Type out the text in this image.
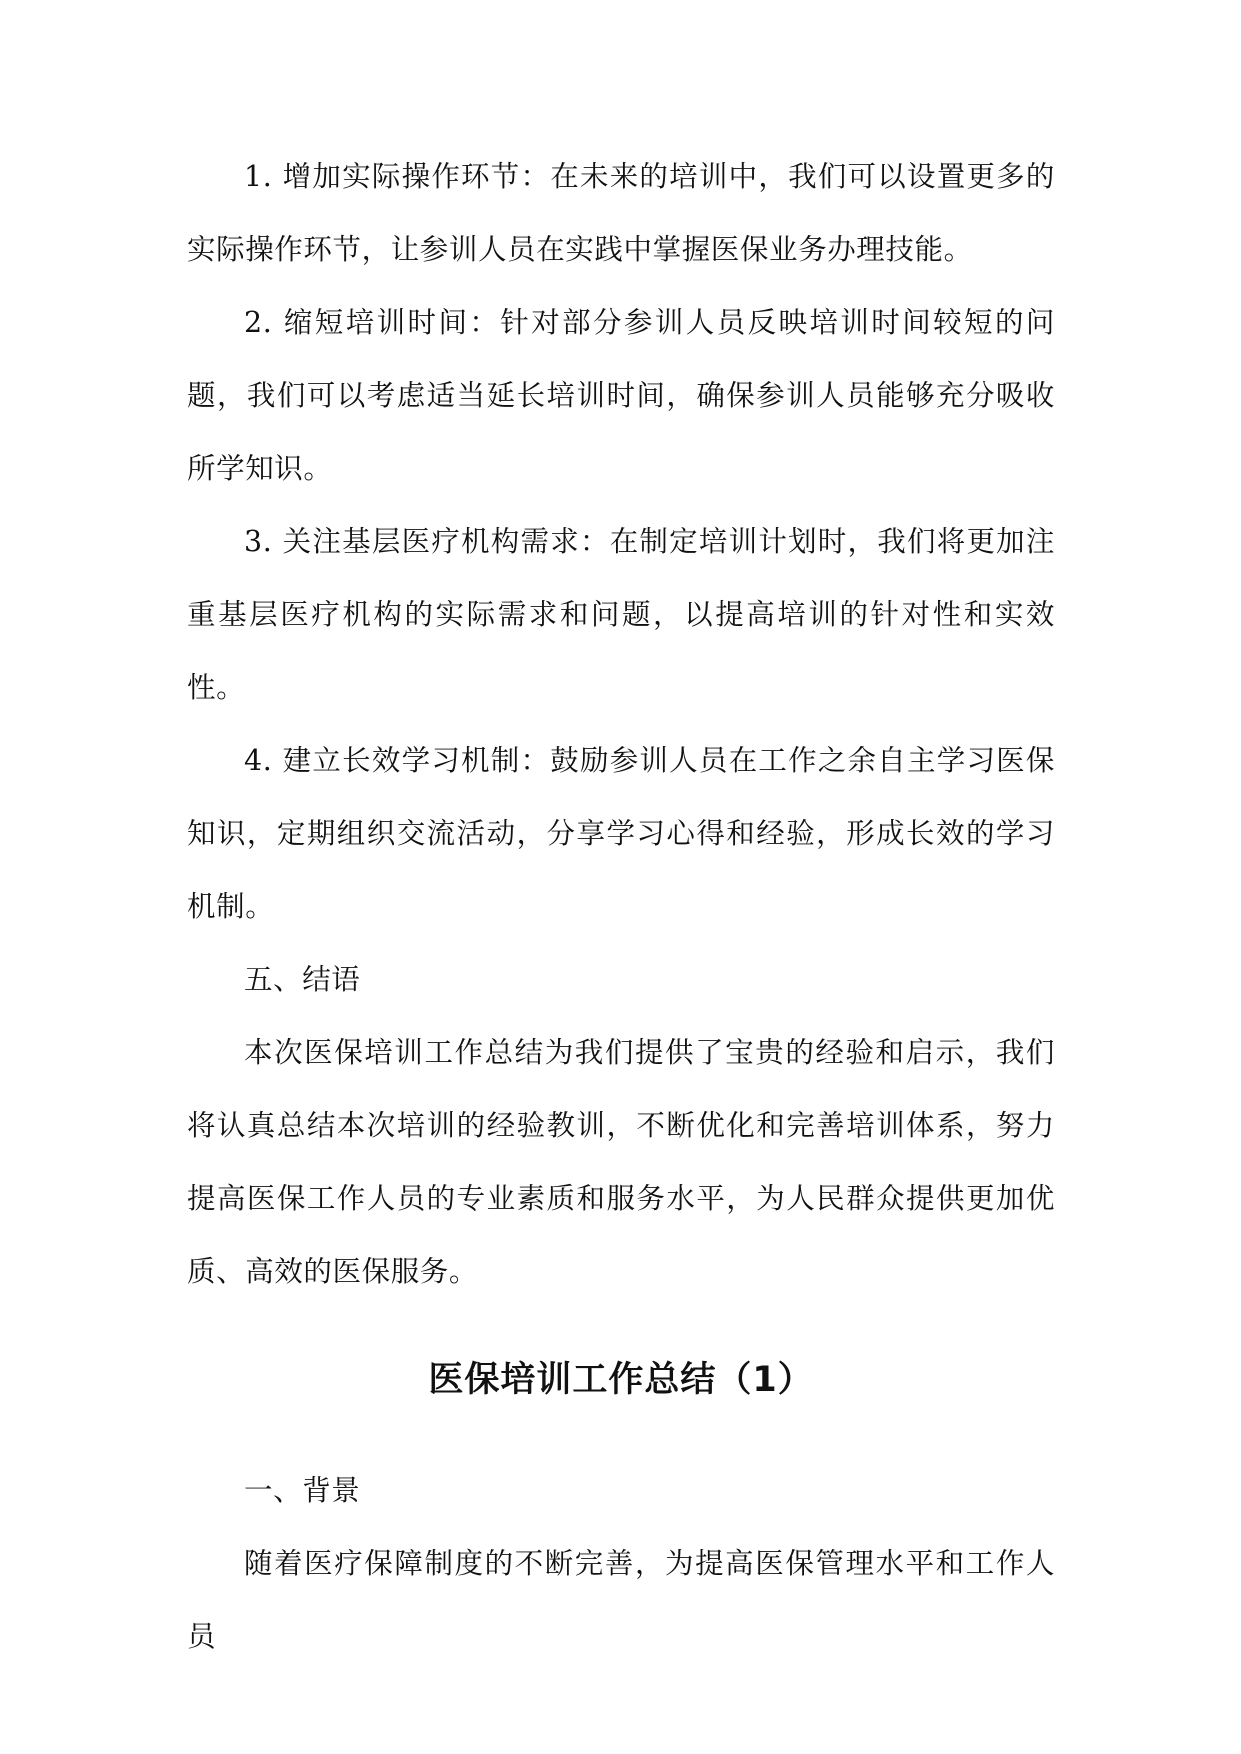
1. 增加实际操作环节：在未来的培训中，我们可以设置更多的实际操作环节，让参训人员在实践中掌握医保业务办理技能。

2. 缩短培训时间：针对部分参训人员反映培训时间较短的问题，我们可以考虑适当延长培训时间，确保参训人员能够充分吸收所学知识。

3. 关注基层医疗机构需求：在制定培训计划时，我们将更加注重基层医疗机构的实际需求和问题，以提高培训的针对性和实效性。

4. 建立长效学习机制：鼓励参训人员在工作之余自主学习医保知识，定期组织交流活动，分享学习心得和经验，形成长效的学习机制。

五、结语

本次医保培训工作总结为我们提供了宝贵的经验和启示，我们将认真总结本次培训的经验教训，不断优化和完善培训体系，努力提高医保工作人员的专业素质和服务水平，为人民群众提供更加优质、高效的医保服务。

医保培训工作总结（1）

一、背景

随着医疗保障制度的不断完善，为提高医保管理水平和工作人员
